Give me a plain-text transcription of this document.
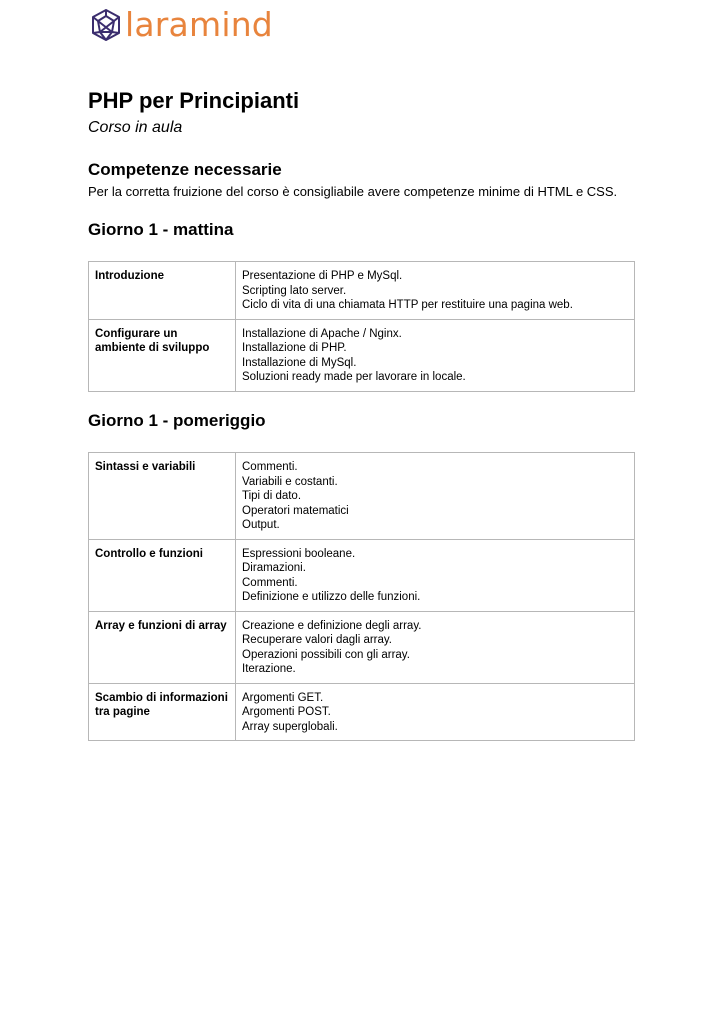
laramind
PHP per Principianti
Corso in aula
Competenze necessarie
Per la corretta fruizione del corso è consigliabile avere competenze minime di HTML e CSS.
Giorno 1 - mattina
Introduzione	Presentazione di PHP e MySql.
Scripting lato server.
Ciclo di vita di una chiamata HTTP per restituire una pagina web.

Configurare un ambiente di sviluppo	Installazione di Apache / Nginx.
Installazione di PHP.
Installazione di MySql.
Soluzioni ready made per lavorare in locale.
Giorno 1 - pomeriggio
Sintassi e variabili	Commenti.
Variabili e costanti.
Tipi di dato.
Operatori matematici
Output.

Controllo e funzioni	Espressioni booleane.
Diramazioni.
Commenti.
Definizione e utilizzo delle funzioni.

Array e funzioni di array	Creazione e definizione degli array.
Recuperare valori dagli array.
Operazioni possibili con gli array.
Iterazione.

Scambio di informazioni tra pagine	Argomenti GET.
Argomenti POST.
Array superglobali.
